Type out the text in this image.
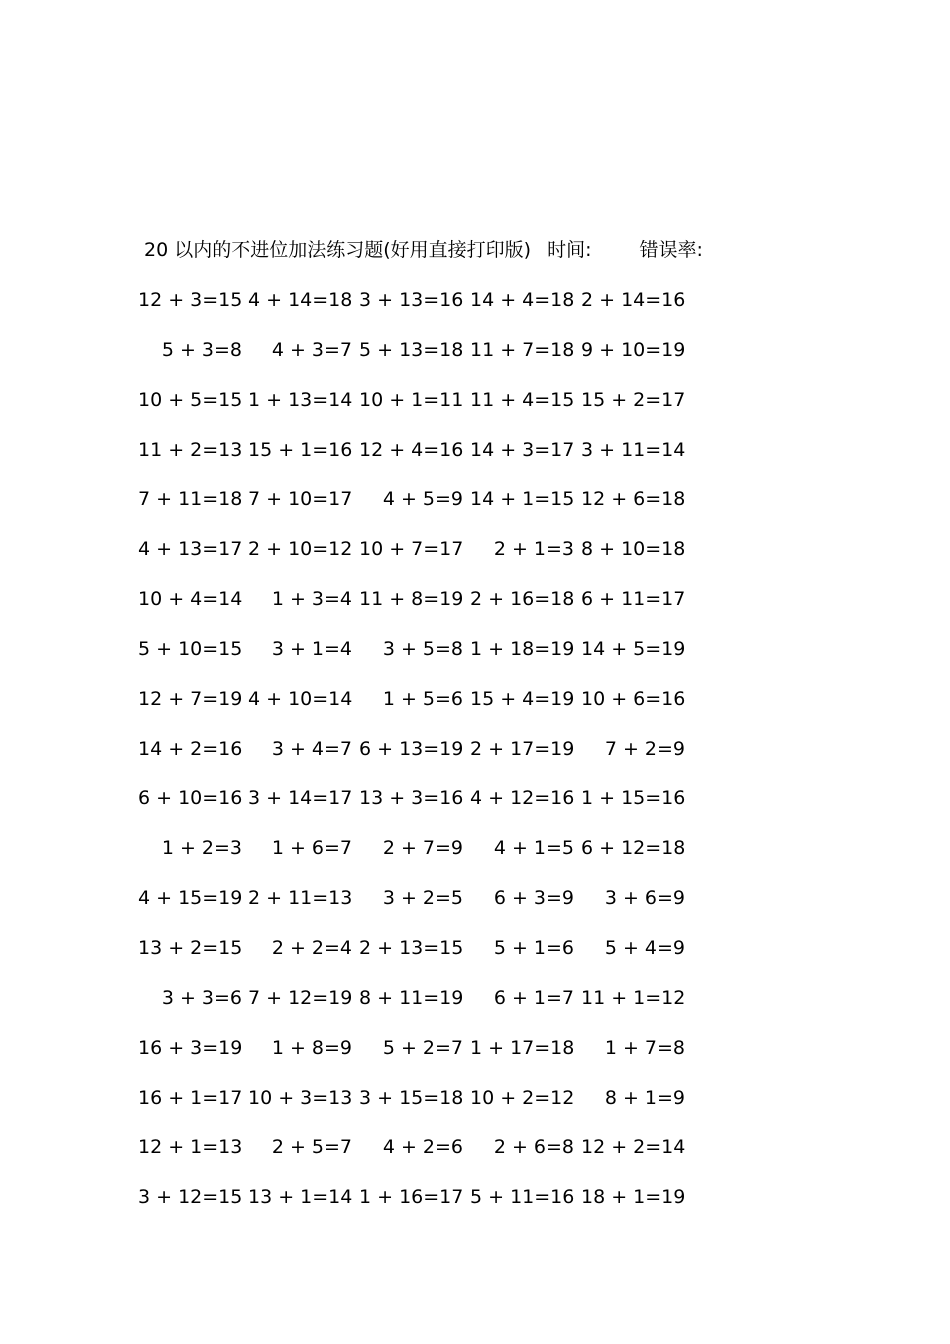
20 以内的不进位加法练习题(好用直接打印版) 时间:	错误率:
12 + 3=15 4 + 14=18 3 + 13=16 14 + 4=18 2 + 14=16
5 + 3=8	4 + 3=7 5 + 13=18 11 + 7=18 9 + 10=19
10 + 5=15 1 + 13=14 10 + 1=11 11 + 4=15 15 + 2=17
11 + 2=13 15 + 1=16 12 + 4=16 14 + 3=17 3 + 11=14
7 + 11=18 7 + 10=17	4 + 5=9 14 + 1=15 12 + 6=18
4 + 13=17 2 + 10=12 10 + 7=17	2 + 1=3 8 + 10=18
10 + 4=14	1 + 3=4 11 + 8=19 2 + 16=18 6 + 11=17
5 + 10=15	3 + 1=4	3 + 5=8 1 + 18=19 14 + 5=19
12 + 7=19 4 + 10=14	1 + 5=6 15 + 4=19 10 + 6=16
14 + 2=16	3 + 4=7 6 + 13=19 2 + 17=19	7 + 2=9
6 + 10=16 3 + 14=17 13 + 3=16 4 + 12=16 1 + 15=16
1 + 2=3	1 + 6=7	2 + 7=9	4 + 1=5 6 + 12=18
4 + 15=19 2 + 11=13	3 + 2=5	6 + 3=9	3 + 6=9
13 + 2=15	2 + 2=4 2 + 13=15	5 + 1=6	5 + 4=9
3 + 3=6 7 + 12=19 8 + 11=19	6 + 1=7 11 + 1=12
16 + 3=19	1 + 8=9	5 + 2=7 1 + 17=18	1 + 7=8
16 + 1=17 10 + 3=13 3 + 15=18 10 + 2=12	8 + 1=9
12 + 1=13	2 + 5=7	4 + 2=6	2 + 6=8 12 + 2=14
3 + 12=15 13 + 1=14 1 + 16=17 5 + 11=16 18 + 1=19
